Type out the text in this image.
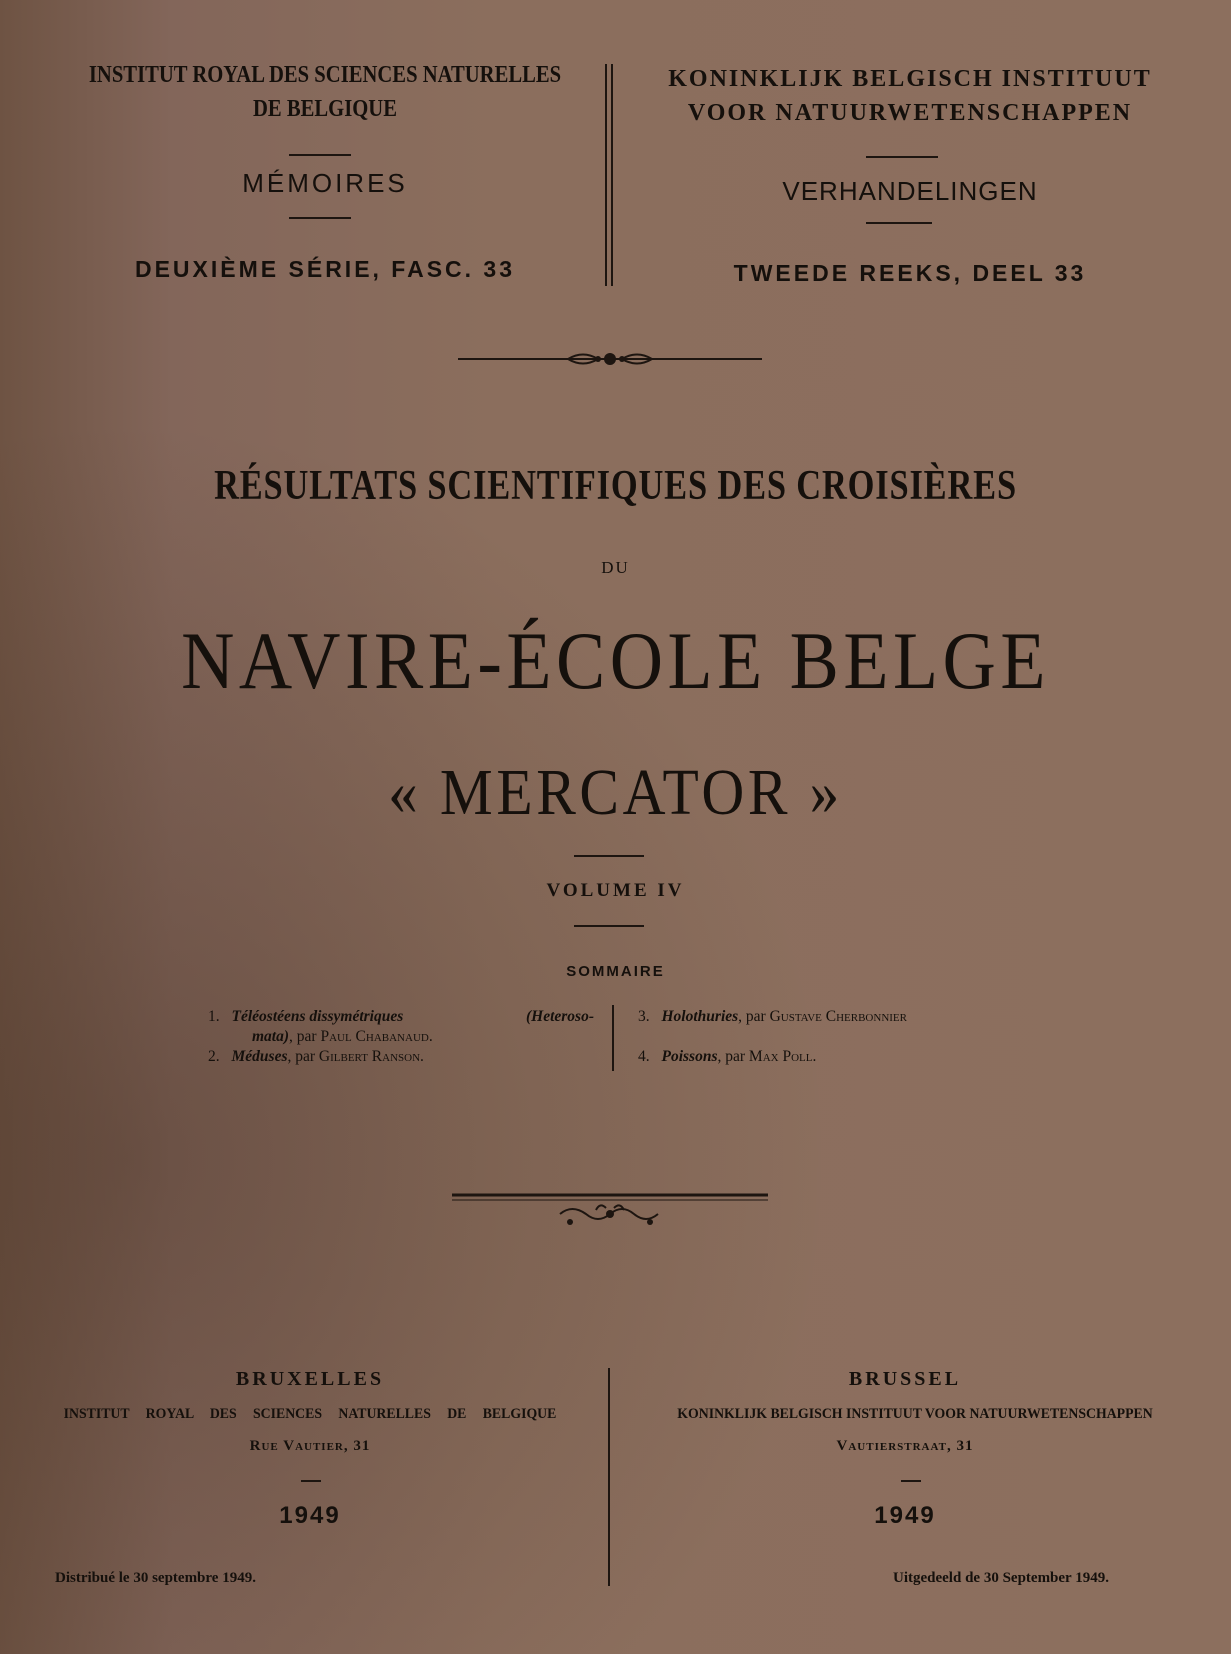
INSTITUT ROYAL DES SCIENCES NATURELLES
DE BELGIQUE
MÉMOIRES
DEUXIÈME SÉRIE, FASC. 33
KONINKLIJK BELGISCH INSTITUUT
VOOR NATUURWETENSCHAPPEN
VERHANDELINGEN
TWEEDE REEKS, DEEL 33
RÉSULTATS SCIENTIFIQUES DES CROISIÈRES
DU
NAVIRE-ÉCOLE BELGE
« MERCATOR »
VOLUME IV
SOMMAIRE
1. Téléostéens dissymétriques	(Heteroso-
mata), par Paul Chabanaud.
2. Méduses, par Gilbert Ranson.
3. Holothuries, par Gustave Cherbonnier
4. Poissons, par Max Poll.
BRUXELLES
INSTITUT ROYAL DES SCIENCES NATURELLES DE BELGIQUE
Rue Vautier, 31
1949
Distribué le 30 septembre 1949.
BRUSSEL
KONINKLIJK BELGISCH INSTITUUT VOOR NATUURWETENSCHAPPEN
Vautierstraat, 31
1949
Uitgedeeld de 30 September 1949.
